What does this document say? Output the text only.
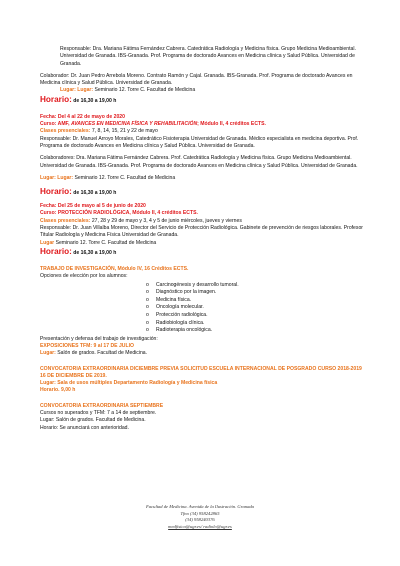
Responsable: Dra. Mariana Fátima Fernández Cabrera. Catedrática Radiología y Medicina física. Grupo Medicina Medioambiental. Universidad de Granada. IBS-Granada. Prof. Programa de doctorado Avances en Medicina clínica y Salud Pública. Universidad de Granada.

Colaborador: Dr. Juan Pedro Arrebola Moreno. Contrato Ramón y Cajal. Granada. IBS-Granada. Prof. Programa de doctorado Avances en Medicina clínica y Salud Pública. Universidad de Granada.

Lugar: Lugar: Seminario 12. Torre C. Facultad de Medicina

Horario: de 16,30 a 19,00 h

Fecha: Del 4 al 22 de mayo de 2020

Curso: AMF, AVANCES EN MEDICINA FÍSICA Y REHABILITACIÓN; Módulo II, 4 créditos ECTS.

Clases presenciales: 7, 8, 14, 15, 21 y 22 de mayo

Responsable: Dr. Manuel Arroyo Morales, Catedrático Fisioterapia Universidad de Granada. Médico especialista en medicina deportiva. Prof. Programa de doctorado Avances en Medicina clínica y Salud Pública. Universidad de Granada.

Colaboradores: Dra. Mariana Fátima Fernández Cabrera. Prof. Catedrática Radiología y Medicina física. Grupo Medicina Medioambiental. Universidad de Granada. IBS-Granada. Prof. Programa de doctorado Avances en Medicina clínica y Salud Pública. Universidad de Granada.

Lugar: Lugar: Seminario 12. Torre C. Facultad de Medicina

Horario: de 16,30 a 19,00 h

Fecha: Del 25 de mayo al 5 de junio de 2020

Curso: PROTECCIÓN RADIOLÓGICA, Módulo II, 4 créditos ECTS.

Clases presenciales: 27, 28 y 29 de mayo y 3, 4 y 5 de junio miércoles, jueves y viernes

Responsable: Dr. Juan Villalba Moreno, Director del Servicio de Protección Radiológica. Gabinete de prevención de riesgos laborales. Profesor Titular Radiología y Medicina Física Universidad de Granada.

Lugar Seminario 12. Torre C. Facultad de Medicina

Horario: de 16,30 a 19,00 h

TRABAJO DE INVESTIGACIÓN, Módulo IV, 16 Créditos ECTS.

Opciones de elección por los alumnos:

o Carcinogénesis y desarrollo tumoral.
o Diagnóstico por la imagen.
o Medicina física.
o Oncología molecular.
o Protección radiológica.
o Radiobiología clínica.
o Radioterapia oncológica.

Presentación y defensa del trabajo de investigación:

EXPOSICIONES TFM: 9 al 17 DE JULIO

Lugar: Salón de grados. Facultad de Medicina.

CONVOCATORIA EXTRAORDINARIA DICIEMBRE PREVIA SOLICITUD ESCUELA INTERNACIONAL DE POSGRADO CURSO 2018-2019 16 DE DICIEMBRE DE 2019.

Lugar: Sala de usos múltiples Departamento Radiología y Medicina física

Horario. 9,00 h

CONVOCATORIA EXTRAORDINARIA SEPTIEMBRE

Cursos no superados y TFM: 7 a 14 de septiembre.

Lugar: Salón de grados. Facultad de Medicina.

Horario: Se anunciará con anterioridad.

Facultad de Medicina. Avenida de la Ilustración. Granada
Tfno (34) 958242865
(34) 958240376
medfisica@ugr.es/ radiolo@ugr.es
